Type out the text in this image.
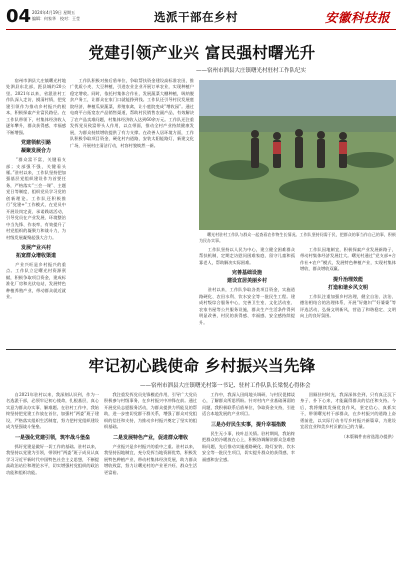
04 2024年4月19日 星期五
编辑：何家华　校对：王莹	选派干部在乡村	安徽科技报
党建引领产业兴 富民强村曙光升
——宿州市泗县大庄镇曙光村驻村工作队纪实
　　宿州市泗县大庄镇曙光村地处泗县东北部，距县城约20公里。2021年以来，省派驻村工作队深入走访，摸清村情，把党建引领作为推动乡村振兴的根本，积极探索产业富民路径。在工作队带领下，村集体经济收入逐年攀升，群众获得感、幸福感不断增强。
党建领航引路
凝聚发展合力
　　“群众富不富，关键看支部；支部强不强，关键看头雁。”驻村以来，工作队坚持把加强基层党组织建设作为首要任务，严格落实“三会一课”、主题党日等制度，组织党员学习党的创新理论。工作队还积极推行“党建+”工作模式，在党员中开展设岗定责、承诺践诺活动，引导党员在产业发展、环境整治中当先锋、作表率，有效提升了村党组织的凝聚力和战斗力，为村级发展凝聚起强大合力。
发展产业兴村
拓宽群众增收渠道
　　产业兴旺是乡村振兴的重点。工作队立足曙光村资源禀赋，积极争取项目资金，建成标准化厂房和光伏电站，发展特色种植养殖产业，带动群众就近就业。
　　工作队积极对接后盾单位，争取帮扶资金建设高标准农田，推广优质小麦、大豆种植，引进农业企业开展订单农业，实现种植户稳定增收。同时，依托村集体合作社，发展蔬菜大棚种植，吸纳脱贫户务工，让群众在家门口就能挣到钱。工作队还引导村民发展庭院经济，种植瓜果蔬菜，养殖家禽，让小庭院变成“增收园”。通过电商平台拓宽农产品销售渠道，帮助村民销售农副产品，有效解决了农产品卖难问题，村集体经济收入达到60余万元。工作队还注重发挥党员致富带头人作用，以点带面，推动全村产业持续健康发展，为群众持续增收提供了有力支撑。在改善人居环境方面，工作队积极争取项目资金，硬化村内道路，安装太阳能路灯，新建文化广场，开展村庄清洁行动，村容村貌焕然一新。
　　曙光村驻村工作队与群众一起查看农作物生长情况。工作队坚持问需于民，把群众的事当作自己的事，积极为民办实事。
　　工作队坚持以人民为中心，建立健全困难群众帮扶机制，定期走访慰问困难家庭、留守儿童和孤寡老人，帮助解决实际困难。
完善基础设施
建设宜居美丽乡村
　　驻村以来，工作队争取各类项目资金，实施道路硬化、农田水利、饮水安全等一批民生工程。建成村级综合服务中心，完善卫生室、文化活动室、农家书屋等公共服务设施，群众生产生活条件得到明显改善，村民的获得感、幸福感、安全感持续提升。
　　工作队因地制宜，积极探索产业发展新路子，带动村集体经济发展壮大。曙光村通过“党支部+合作社+农户”模式，发展特色种植产业，实现村集体增收、群众增收双赢。
提升治理效能
打造和谐乡风文明
　　工作队注重加强乡村治理，健全自治、法治、德治相结合的治理体系，开展“好媳妇”“好婆婆”等评选活动，弘扬文明新风，营造了和谐稳定、文明向上的良好氛围。
牢记初心践使命 乡村振兴当先锋
——宿州市泗县大庄镇曙光村第一书记、驻村工作队队长梁悦心得体会
　　自2021年驻村以来，我深刻认识到，作为一名选派干部，必须牢记初心使命，扎根基层，真心实意为群众办实事、解难题。在驻村工作中，我始终坚持把党建工作放在首位，加强村“两委”班子建设，严格落实组织生活制度，努力把村党组织建设成为坚强战斗堡垒。
一是强化党建引领，筑牢战斗堡垒
　　抓好党建是做好一切工作的基础。驻村以来，我坚持以党建为引领，带领村“两委”班子成员认真学习习近平新时代中国特色社会主义思想，不断提高政治站位和理论水平，切实增强村党组织的政治功能和组织功能。
　　我注重发挥党员先锋模范作用，引导广大党员积极参与村级事务，在乡村振兴中冲锋在前。通过开展党员志愿服务活动，为群众提供力所能及的帮助，进一步密切党群干群关系，增强了群众对党组织的信任和支持，为推动乡村振兴奠定了坚实的组织基础。
二是发展特色产业，促进群众增收
　　产业振兴是乡村振兴的重中之重。驻村以来，我坚持因地制宜，充分发挥当地资源优势，积极发展特色种植产业，带动村集体经济发展，助力群众增收致富，努力让曙光村的产业更兴旺、群众生活更富裕。
　　工作中，我深入田间地头调研，与村民促膝谈心，了解群众所思所盼。针对村内产业基础薄弱的问题，我积极联系后盾单位，争取资金支持，引进适合本地发展的产业项目。
三是办好民生实事，提升幸福指数
　　民生无小事，枝叶总关情。驻村期间，我始终把群众的冷暖放在心上，积极协调解决群众急难愁盼问题，先后推动实施道路硬化、路灯安装、饮水安全等一批民生项目，切实提升群众的获得感、幸福感和安全感。
　　回顾驻村时光，我深深体会到，只有真正沉下身子、扑下心来，才能赢得群众的信任和支持。今后，我将继续发扬优良作风，坚定信心、真抓实干，带领曙光村干部群众，在乡村振兴的道路上奋勇前进，以实际行动书写乡村振兴新篇章，为建设宜居宜业和美乡村贡献自己的力量。
（本版稿件由省选派办提供）
